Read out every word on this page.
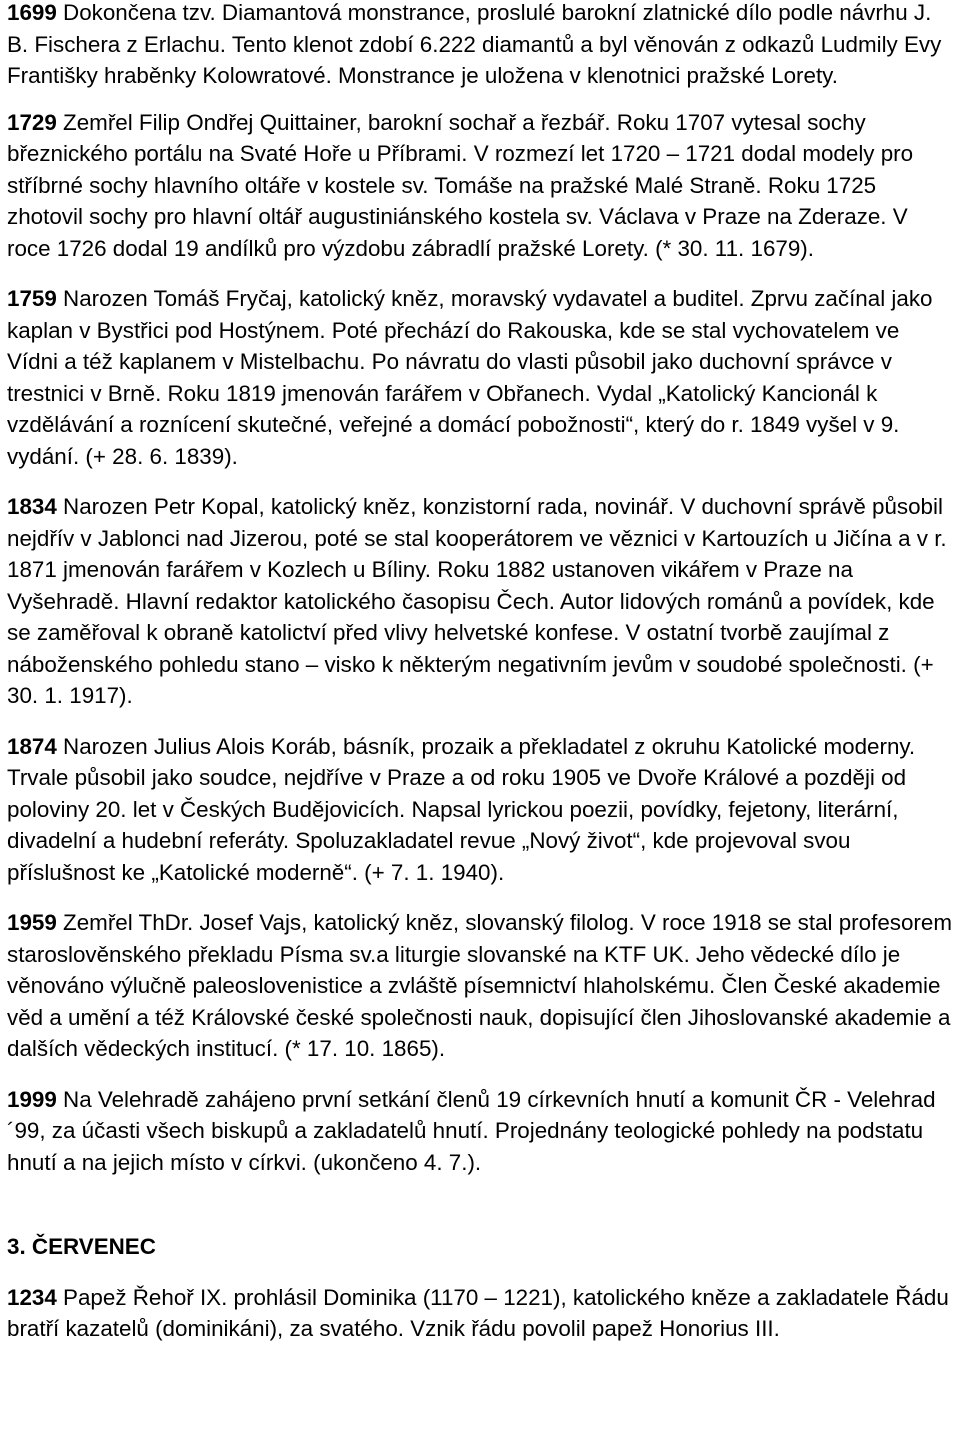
1699 Dokončena tzv. Diamantová monstrance, proslulé barokní zlatnické dílo podle návrhu J. B. Fischera z Erlachu. Tento klenot zdobí 6.222 diamantů a byl věnován z odkazů Ludmily Evy Františky hraběnky Kolowratové. Monstrance je uložena v klenotnici pražské Lorety.

1729 Zemřel Filip Ondřej Quittainer, barokní sochař a řezbář. Roku 1707 vytesal sochy březnického portálu na Svaté Hoře u Příbrami. V rozmezí let 1720 – 1721 dodal modely pro stříbrné sochy hlavního oltáře v kostele sv. Tomáše na pražské Malé Straně. Roku 1725 zhotovil sochy pro hlavní oltář augustiniánského kostela sv. Václava v Praze na Zderaze. V roce 1726 dodal 19 andílků pro výzdobu zábradlí pražské Lorety. (* 30. 11. 1679).

1759 Narozen Tomáš Fryčaj, katolický kněz, moravský vydavatel a buditel. Zprvu začínal jako kaplan v Bystřici pod Hostýnem. Poté přechází do Rakouska, kde se stal vychovatelem ve Vídni a též kaplanem v Mistelbachu. Po návratu do vlasti působil jako duchovní správce v trestnici v Brně. Roku 1819 jmenován farářem v Obřanech. Vydal „Katolický Kancionál k vzdělávání a roznícení skutečné, veřejné a domácí pobožnosti“, který do r. 1849 vyšel v 9. vydání. (+ 28. 6. 1839).

1834 Narozen Petr Kopal, katolický kněz, konzistorní rada, novinář. V duchovní správě působil nejdřív v Jablonci nad Jizerou, poté se stal kooperátorem ve věznici v Kartouzích u Jičína a v r. 1871 jmenován farářem v Kozlech u Bíliny. Roku 1882 ustanoven vikářem v Praze na Vyšehradě. Hlavní redaktor katolického časopisu Čech. Autor lidových románů a povídek, kde se zaměřoval k obraně katolictví před vlivy helvetské konfese. V ostatní tvorbě zaujímal z náboženského pohledu stano – visko k některým negativním jevům v soudobé společnosti. (+ 30. 1. 1917).

1874 Narozen Julius Alois Koráb, básník, prozaik a překladatel z okruhu Katolické moderny. Trvale působil jako soudce, nejdříve v Praze a od roku 1905 ve Dvoře Králové a později od poloviny 20. let v Českých Budějovicích. Napsal lyrickou poezii, povídky, fejetony, literární, divadelní a hudební referáty. Spoluzakladatel revue „Nový život“, kde projevoval svou příslušnost ke „Katolické moderně“. (+ 7. 1. 1940).

1959 Zemřel ThDr. Josef Vajs, katolický kněz, slovanský filolog. V roce 1918 se stal profesorem staroslověnského překladu Písma sv.a liturgie slovanské na KTF UK. Jeho vědecké dílo je věnováno výlučně paleoslovenistice a zvláště písemnictví hlaholskému. Člen České akademie věd a umění a též Královské české společnosti nauk, dopisující člen Jihoslovanské akademie a dalších vědeckých institucí. (* 17. 10. 1865).

1999 Na Velehradě zahájeno první setkání členů 19 církevních hnutí a komunit ČR - Velehrad ´99, za účasti všech biskupů a zakladatelů hnutí. Projednány teologické pohledy na podstatu hnutí a na jejich místo v církvi. (ukončeno 4. 7.).

3. ČERVENEC

1234 Papež Řehoř IX. prohlásil Dominika (1170 – 1221), katolického kněze a zakladatele Řádu bratří kazatelů (dominikáni), za svatého. Vznik řádu povolil papež Honorius III.
